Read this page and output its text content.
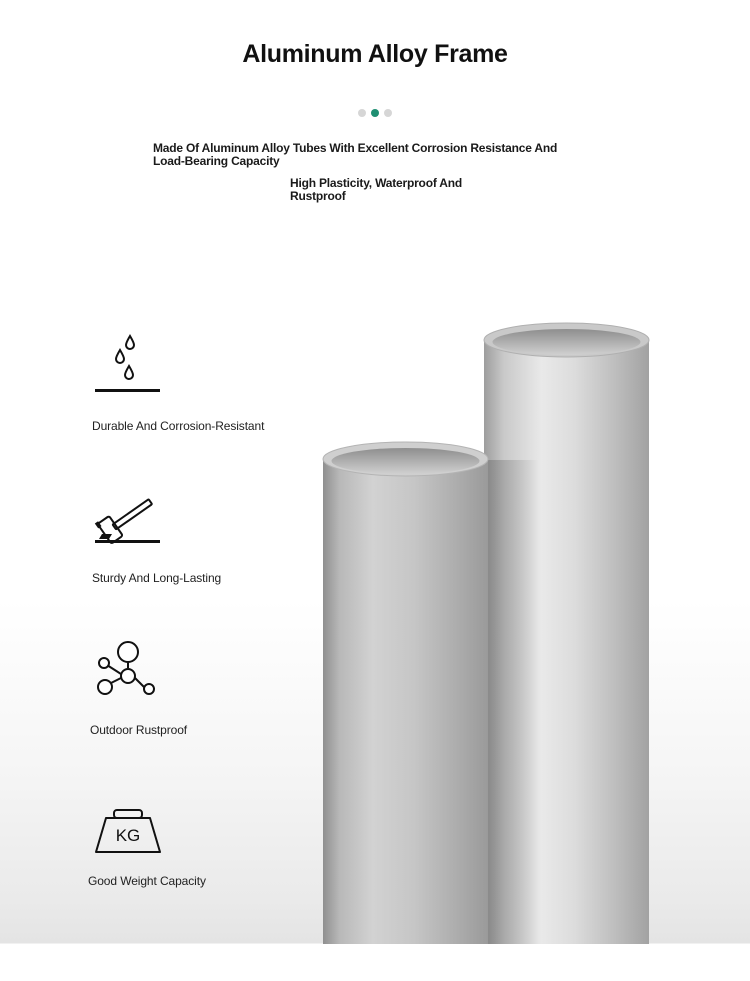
Aluminum Alloy Frame
Made Of Aluminum Alloy Tubes With Excellent Corrosion Resistance And Load-Bearing Capacity
High Plasticity, Waterproof And Rustproof
Durable And Corrosion-Resistant
Sturdy And Long-Lasting
Outdoor Rustproof
KG
Good Weight Capacity
